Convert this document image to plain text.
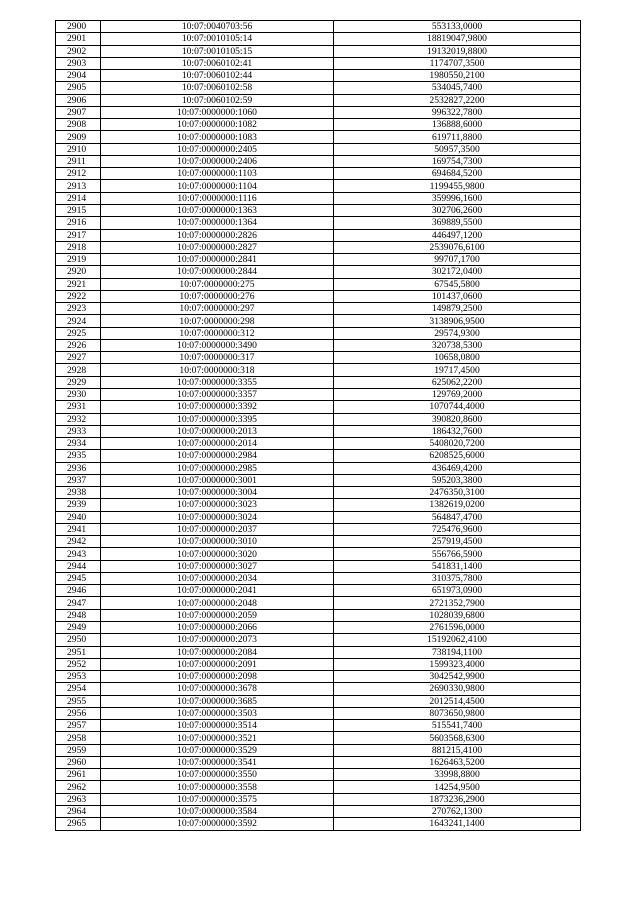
2900	10:07:0040703:56	553133,0000
2901	10:07:0010105:14	18819047,9800
2902	10:07:0010105:15	19132019,8800
2903	10:07:0060102:41	1174707,3500
2904	10:07:0060102:44	1980550,2100
2905	10:07:0060102:58	534045,7400
2906	10:07:0060102:59	2532827,2200
2907	10:07:0000000:1060	996322,7800
2908	10:07:0000000:1082	136888,6000
2909	10:07:0000000:1083	619711,8800
2910	10:07:0000000:2405	50957,3500
2911	10:07:0000000:2406	169754,7300
2912	10:07:0000000:1103	694684,5200
2913	10:07:0000000:1104	1199455,9800
2914	10:07:0000000:1116	359996,1600
2915	10:07:0000000:1363	302706,2600
2916	10:07:0000000:1364	369889,5500
2917	10:07:0000000:2826	446497,1200
2918	10:07:0000000:2827	2539076,6100
2919	10:07:0000000:2841	99707,1700
2920	10:07:0000000:2844	302172,0400
2921	10:07:0000000:275	67545,5800
2922	10:07:0000000:276	101437,0600
2923	10:07:0000000:297	149879,2500
2924	10:07:0000000:298	3138906,9500
2925	10:07:0000000:312	29574,9300
2926	10:07:0000000:3490	320738,5300
2927	10:07:0000000:317	10658,0800
2928	10:07:0000000:318	19717,4500
2929	10:07:0000000:3355	625062,2200
2930	10:07:0000000:3357	129769,2000
2931	10:07:0000000:3392	1070744,4000
2932	10:07:0000000:3395	390820,8600
2933	10:07:0000000:2013	186432,7600
2934	10:07:0000000:2014	5408020,7200
2935	10:07:0000000:2984	6208525,6000
2936	10:07:0000000:2985	436469,4200
2937	10:07:0000000:3001	595203,3800
2938	10:07:0000000:3004	2476350,3100
2939	10:07:0000000:3023	1382619,0200
2940	10:07:0000000:3024	564847,4700
2941	10:07:0000000:2037	725476,9600
2942	10:07:0000000:3010	257919,4500
2943	10:07:0000000:3020	556766,5900
2944	10:07:0000000:3027	541831,1400
2945	10:07:0000000:2034	310375,7800
2946	10:07:0000000:2041	651973,0900
2947	10:07:0000000:2048	2721352,7900
2948	10:07:0000000:2059	1028039,6800
2949	10:07:0000000:2066	2761596,0000
2950	10:07:0000000:2073	15192062,4100
2951	10:07:0000000:2084	738194,1100
2952	10:07:0000000:2091	1599323,4000
2953	10:07:0000000:2098	3042542,9900
2954	10:07:0000000:3678	2690330,9800
2955	10:07:0000000:3685	2012514,4500
2956	10:07:0000000:3503	8073650,9800
2957	10:07:0000000:3514	515541,7400
2958	10:07:0000000:3521	5603568,6300
2959	10:07:0000000:3529	881215,4100
2960	10:07:0000000:3541	1626463,5200
2961	10:07:0000000:3550	33998,8800
2962	10:07:0000000:3558	14254,9500
2963	10:07:0000000:3575	1873236,2900
2964	10:07:0000000:3584	270762,1300
2965	10:07:0000000:3592	1643241,1400
